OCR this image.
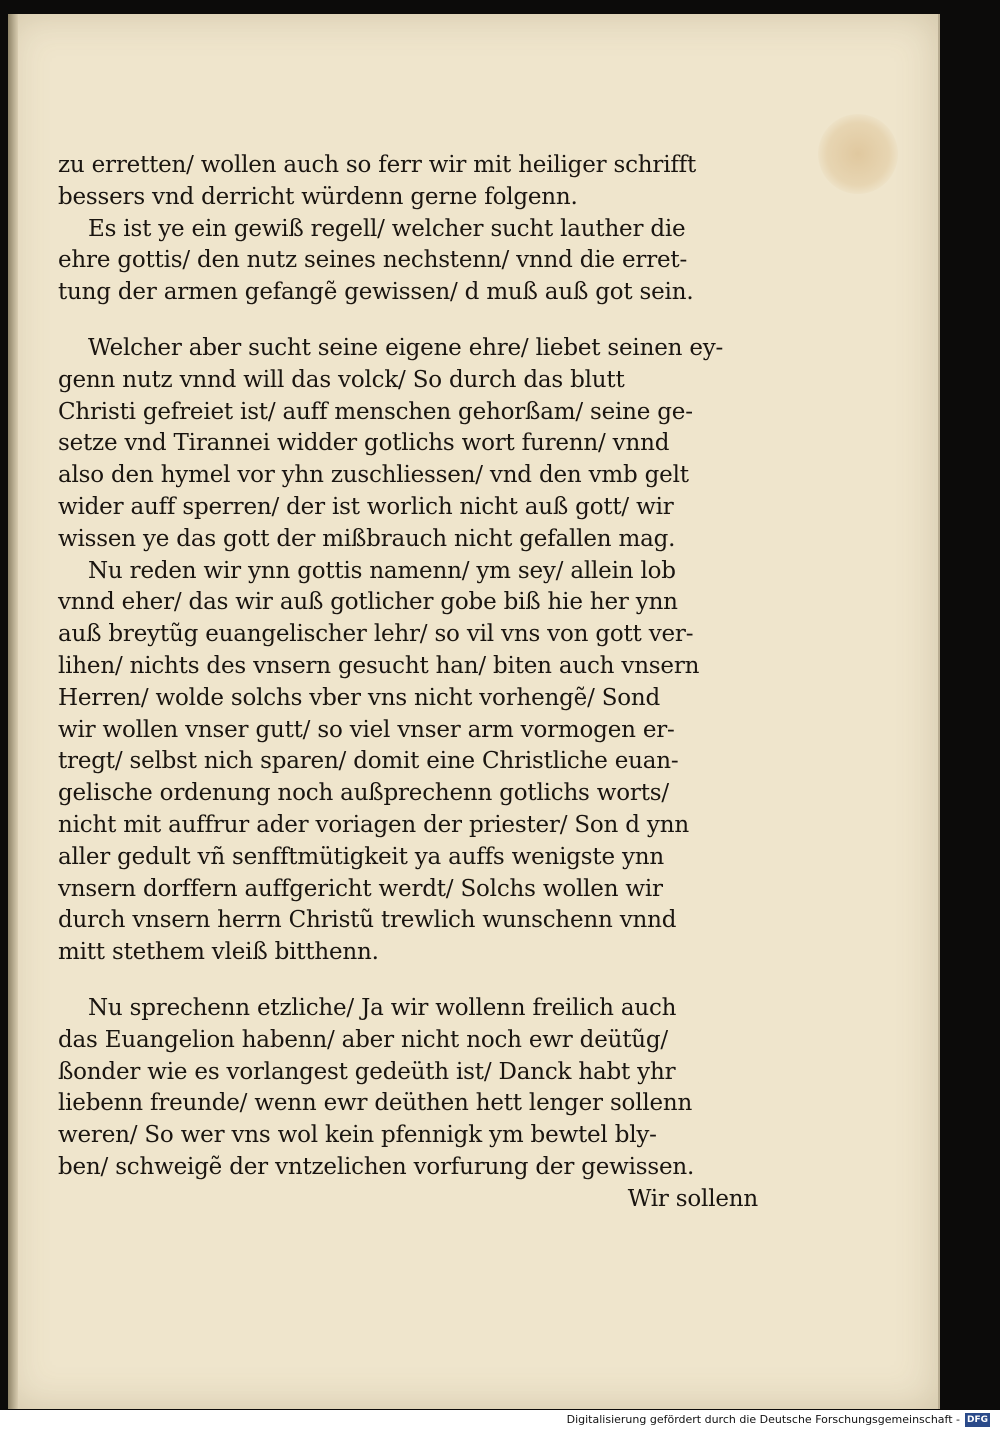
zu erretten/ wollen auch so ferr wir mit heiliger schrifft
bessers vnd derricht würdenn gerne folgenn.
Es ist ye ein gewiß regell/ welcher sucht lauther die
ehre gottis/ den nutz seines nechstenn/ vnnd die erret-
tung der armen gefangẽ gewissen/ d muß auß got sein.
Welcher aber sucht seine eigene ehre/ liebet seinen ey-
genn nutz vnnd will das volck/ So durch das blutt
Christi gefreiet ist/ auff menschen gehorßam/ seine ge-
setze vnd Tirannei widder gotlichs wort furenn/ vnnd
also den hymel vor yhn zuschliessen/ vnd den vmb gelt
wider auff sperren/ der ist worlich nicht auß gott/ wir
wissen ye das gott der mißbrauch nicht gefallen mag.
Nu reden wir ynn gottis namenn/ ym sey/ allein lob
vnnd eher/ das wir auß gotlicher gobe biß hie her ynn
auß breytũg euangelischer lehr/ so vil vns von gott ver-
lihen/ nichts des vnsern gesucht han/ biten auch vnsern
Herren/ wolde solchs vber vns nicht vorhengẽ/ Sond
wir wollen vnser gutt/ so viel vnser arm vormogen er-
tregt/ selbst nich sparen/ domit eine Christliche euan-
gelische ordenung noch außprechenn gotlichs worts/
nicht mit auffrur ader voriagen der priester/ Son d ynn
aller gedult vñ senfftmütigkeit ya auffs wenigste ynn
vnsern dorffern auffgericht werdt/ Solchs wollen wir
durch vnsern herrn Christũ trewlich wunschenn vnnd
mitt stethem vleiß bitthenn.
Nu sprechenn etzliche/ Ja wir wollenn freilich auch
das Euangelion habenn/ aber nicht noch ewr deütũg/
ßonder wie es vorlangest gedeüth ist/ Danck habt yhr
liebenn freunde/ wenn ewr deüthen hett lenger sollenn
weren/ So wer vns wol kein pfennigk ym bewtel bly-
ben/ schweigẽ der vntzelichen vorfurung der gewissen.
Wir sollenn
Digitalisierung gefördert durch die Deutsche Forschungsgemeinschaft - DFG
